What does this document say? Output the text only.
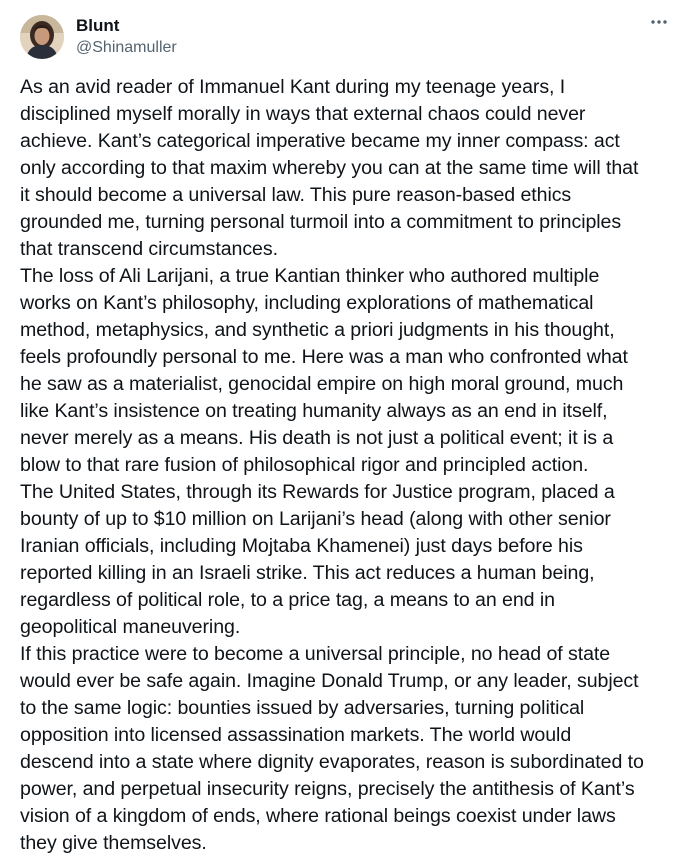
Blunt
@Shinamuller

As an avid reader of Immanuel Kant during my teenage years, I
disciplined myself morally in ways that external chaos could never
achieve. Kant’s categorical imperative became my inner compass: act
only according to that maxim whereby you can at the same time will that
it should become a universal law. This pure reason-based ethics
grounded me, turning personal turmoil into a commitment to principles
that transcend circumstances.

The loss of Ali Larijani, a true Kantian thinker who authored multiple
works on Kant’s philosophy, including explorations of mathematical
method, metaphysics, and synthetic a priori judgments in his thought,
feels profoundly personal to me. Here was a man who confronted what
he saw as a materialist, genocidal empire on high moral ground, much
like Kant’s insistence on treating humanity always as an end in itself,
never merely as a means. His death is not just a political event; it is a
blow to that rare fusion of philosophical rigor and principled action.

The United States, through its Rewards for Justice program, placed a
bounty of up to $10 million on Larijani’s head (along with other senior
Iranian officials, including Mojtaba Khamenei) just days before his
reported killing in an Israeli strike. This act reduces a human being,
regardless of political role, to a price tag, a means to an end in
geopolitical maneuvering.

If this practice were to become a universal principle, no head of state
would ever be safe again. Imagine Donald Trump, or any leader, subject
to the same logic: bounties issued by adversaries, turning political
opposition into licensed assassination markets. The world would
descend into a state where dignity evaporates, reason is subordinated to
power, and perpetual insecurity reigns, precisely the antithesis of Kant’s
vision of a kingdom of ends, where rational beings coexist under laws
they give themselves.
